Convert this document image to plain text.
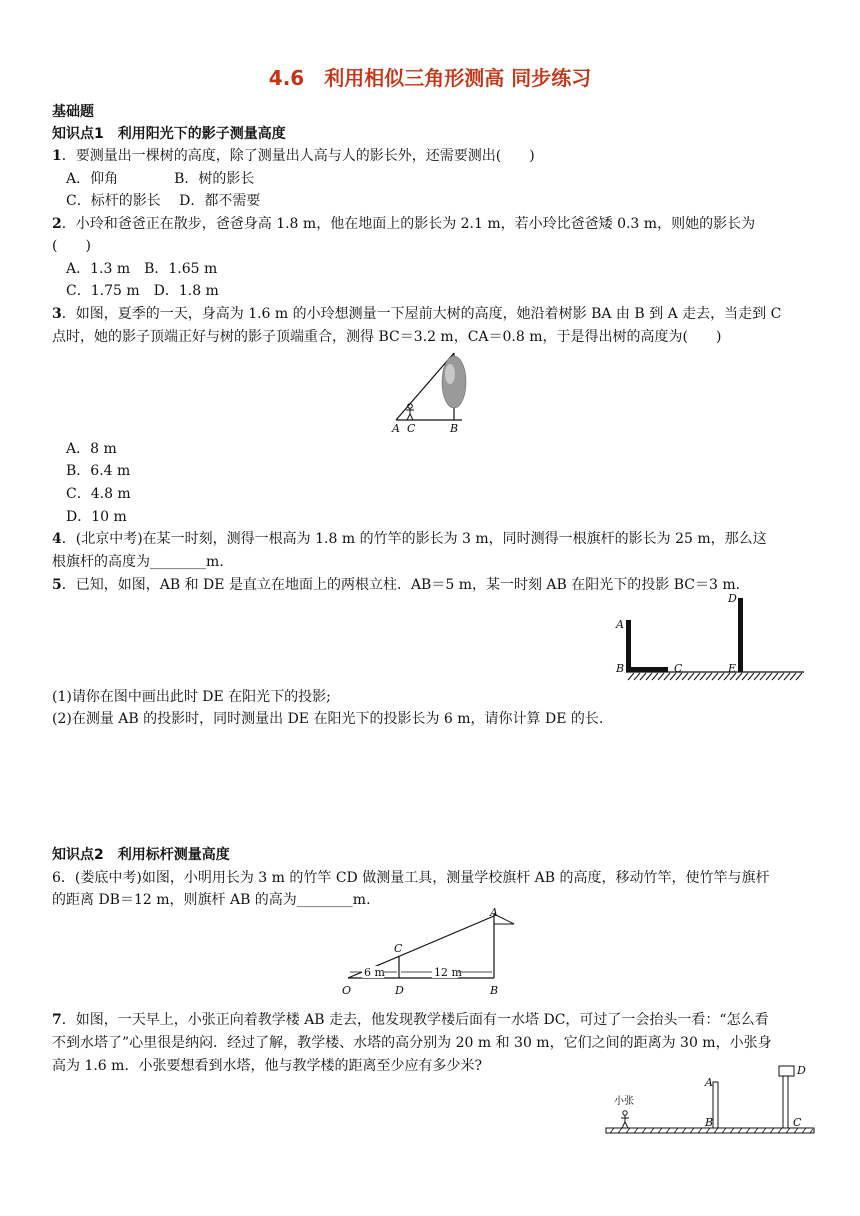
4.6　利用相似三角形测高 同步练习
基础题
知识点1　利用阳光下的影子测量高度
1．要测量出一棵树的高度，除了测量出人高与人的影长外，还需要测出(　　)
A．仰角　　　　B．树的影长
C．标杆的影长　 D．都不需要
2．小玲和爸爸正在散步，爸爸身高 1.8 m，他在地面上的影长为 2.1 m，若小玲比爸爸矮 0.3 m，则她的影长为
(　　)
A．1.3 m　B．1.65 m
C．1.75 m　D．1.8 m
3．如图，夏季的一天，身高为 1.6 m 的小玲想测量一下屋前大树的高度，她沿着树影 BA 由 B 到 A 走去，当走到 C
点时，她的影子顶端正好与树的影子顶端重合，测得 BC＝3.2 m，CA＝0.8 m，于是得出树的高度为(　　)
A C	B
A．8 m
B．6.4 m
C．4.8 m
D．10 m
4．(北京中考)在某一时刻，测得一根高为 1.8 m 的竹竿的影长为 3 m，同时测得一根旗杆的影长为 25 m，那么这
根旗杆的高度为________m.
5．已知，如图，AB 和 DE 是直立在地面上的两根立柱．AB＝5 m，某一时刻 AB 在阳光下的投影 BC＝3 m.
A
B	C
D
E
(1)请你在图中画出此时 DE 在阳光下的投影;
(2)在测量 AB 的投影时，同时测量出 DE 在阳光下的投影长为 6 m，请你计算 DE 的长.
知识点2　利用标杆测量高度
6．(娄底中考)如图，小明用长为 3 m 的竹竿 CD 做测量工具，测量学校旗杆 AB 的高度，移动竹竿，使竹竿与旗杆
的距离 DB＝12 m，则旗杆 AB 的高为________m.
6 m	12 m
C
A
O	D	B
7．如图，一天早上，小张正向着教学楼 AB 走去，他发现教学楼后面有一水塔 DC，可过了一会抬头一看：“怎么看
不到水塔了”心里很是纳闷．经过了解，教学楼、水塔的高分别为 20 m 和 30 m，它们之间的距离为 30 m，小张身
高为 1.6 m．小张要想看到水塔，他与教学楼的距离至少应有多少米?
小张
A
B
D
C
